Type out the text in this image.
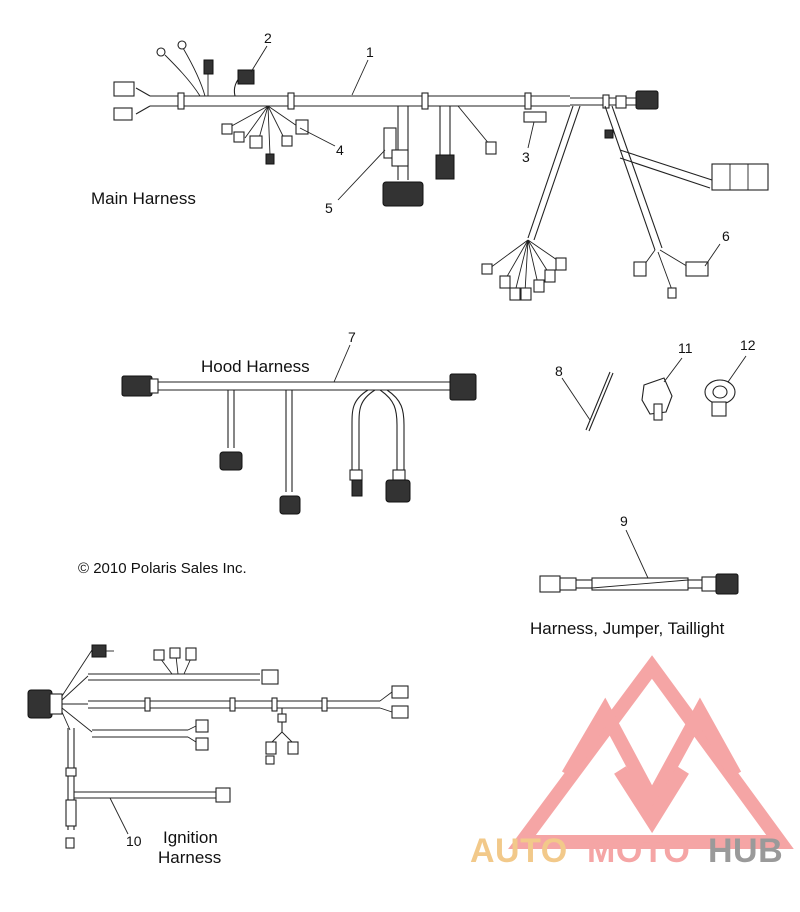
AUTO MOTO HUB
1
2
3
4
5
6
Main Harness
7
Hood Harness	8
11	12
9
Harness, Jumper, Taillight
© 2010 Polaris Sales Inc.
10 Ignition
Harness
